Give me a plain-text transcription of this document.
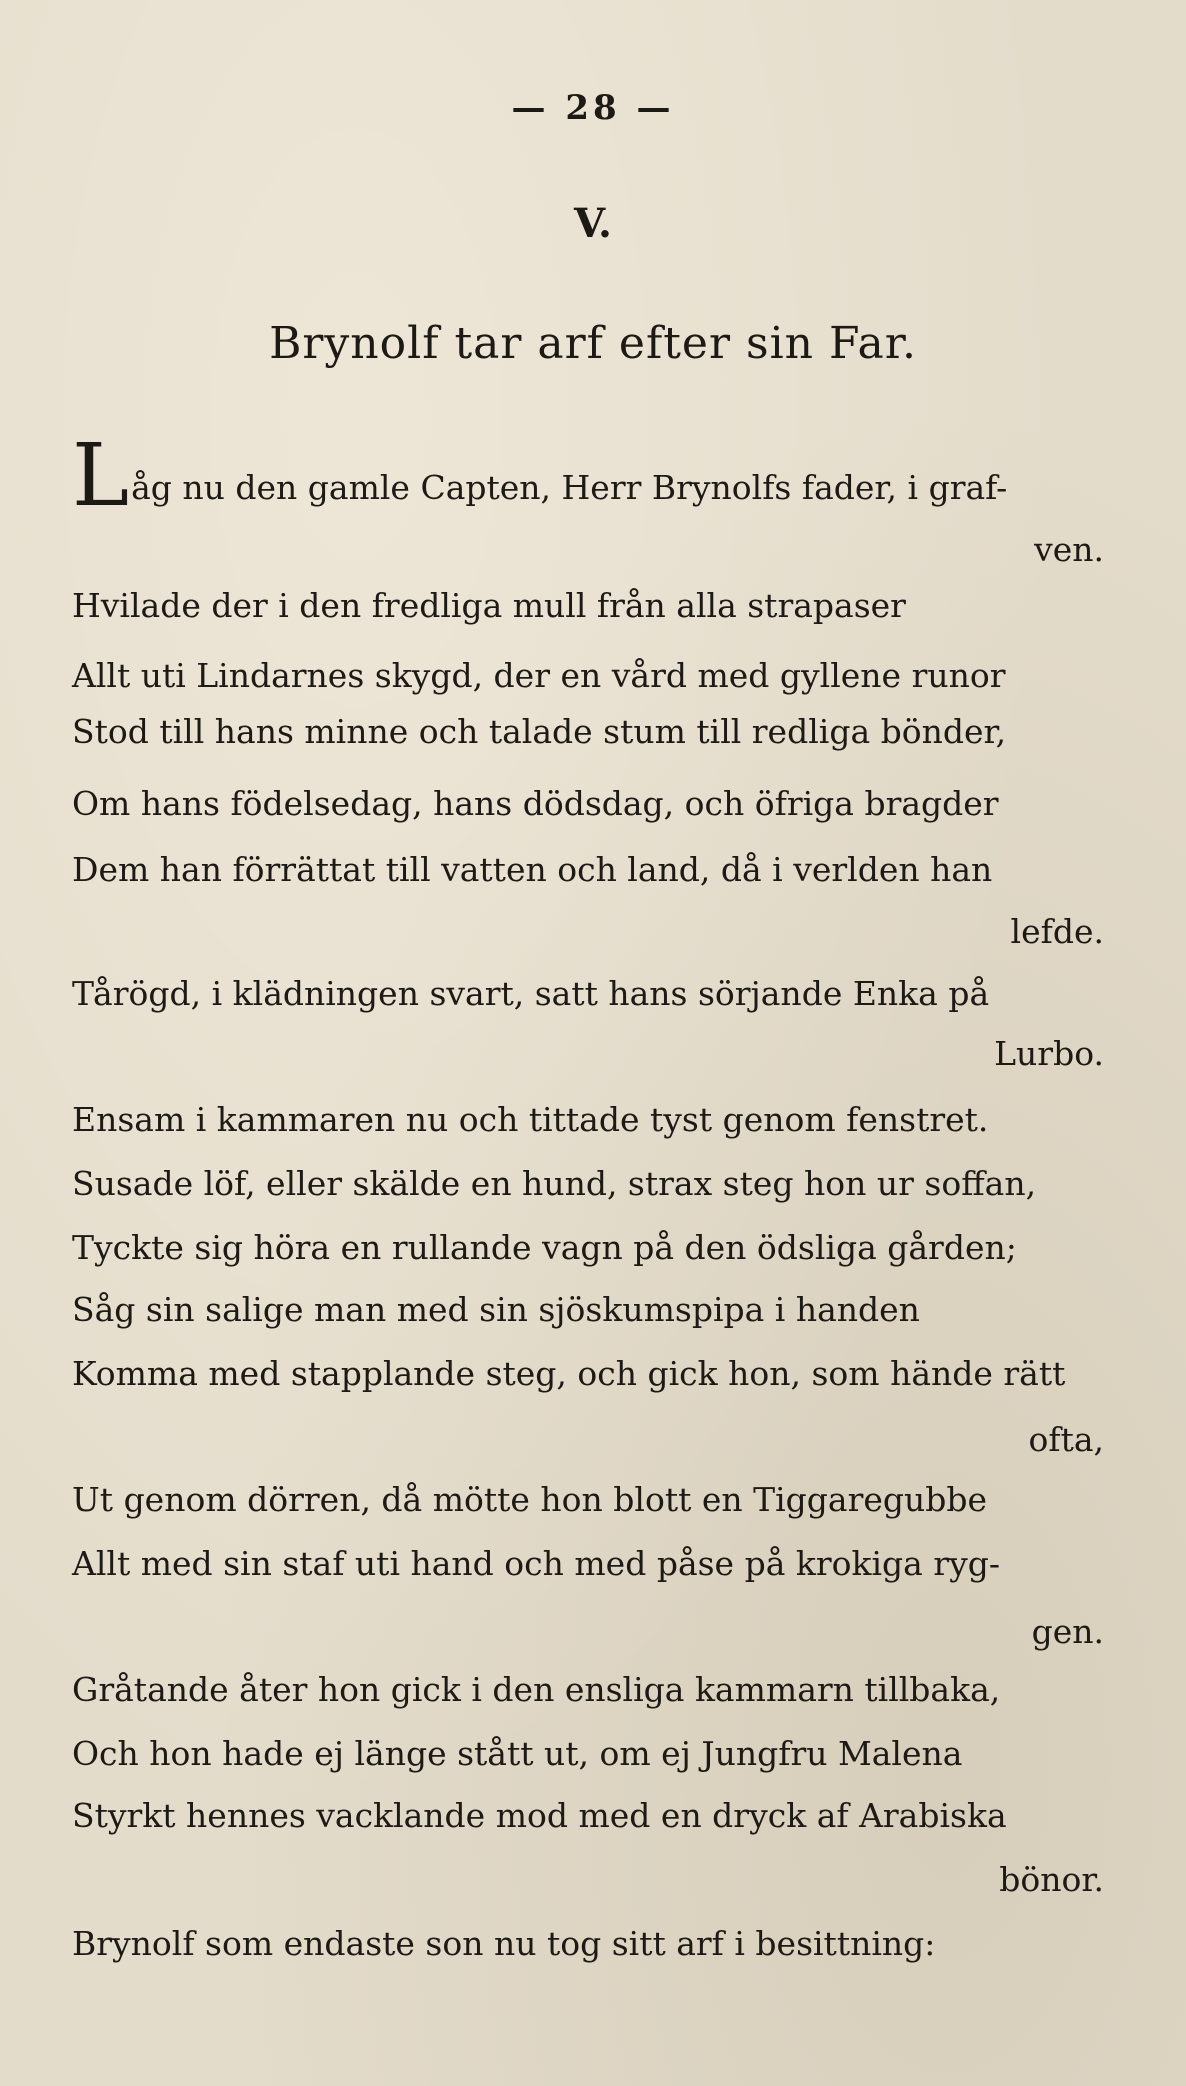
— 28 —
V.
Brynolf tar arf efter sin Far.
Låg nu den gamle Capten, Herr Brynolfs fader, i graf-
ven.
Hvilade der i den fredliga mull från alla strapaser
Allt uti Lindarnes skygd, der en vård med gyllene runor
Stod till hans minne och talade stum till redliga bönder,
Om hans födelsedag, hans dödsdag, och öfriga bragder
Dem han förrättat till vatten och land, då i verlden han
lefde.
Tårögd, i klädningen svart, satt hans sörjande Enka på
Lurbo.
Ensam i kammaren nu och tittade tyst genom fenstret.
Susade löf, eller skälde en hund, strax steg hon ur soffan,
Tyckte sig höra en rullande vagn på den ödsliga gården;
Såg sin salige man med sin sjöskumspipa i handen
Komma med stapplande steg, och gick hon, som hände rätt
ofta,
Ut genom dörren, då mötte hon blott en Tiggaregubbe
Allt med sin staf uti hand och med påse på krokiga ryg-
gen.
Gråtande åter hon gick i den ensliga kammarn tillbaka,
Och hon hade ej länge stått ut, om ej Jungfru Malena
Styrkt hennes vacklande mod med en dryck af Arabiska
bönor.
Brynolf som endaste son nu tog sitt arf i besittning:
